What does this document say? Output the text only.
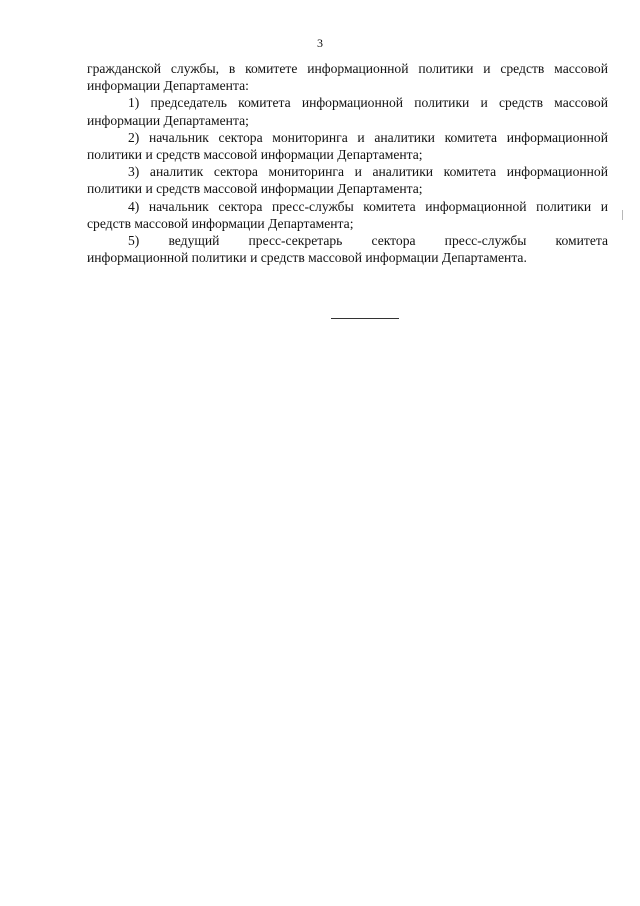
3

гражданской службы, в комитете информационной политики и средств массовой информации Департамента:

1) председатель комитета информационной политики и средств массовой информации Департамента;

2) начальник сектора мониторинга и аналитики комитета информационной политики и средств массовой информации Департамента;

3) аналитик сектора мониторинга и аналитики комитета информационной политики и средств массовой информации Департамента;

4) начальник сектора пресс-службы комитета информационной политики и средств массовой информации Департамента;

5) ведущий пресс-секретарь сектора пресс-службы комитета

информационной политики и средств массовой информации Департамента.
